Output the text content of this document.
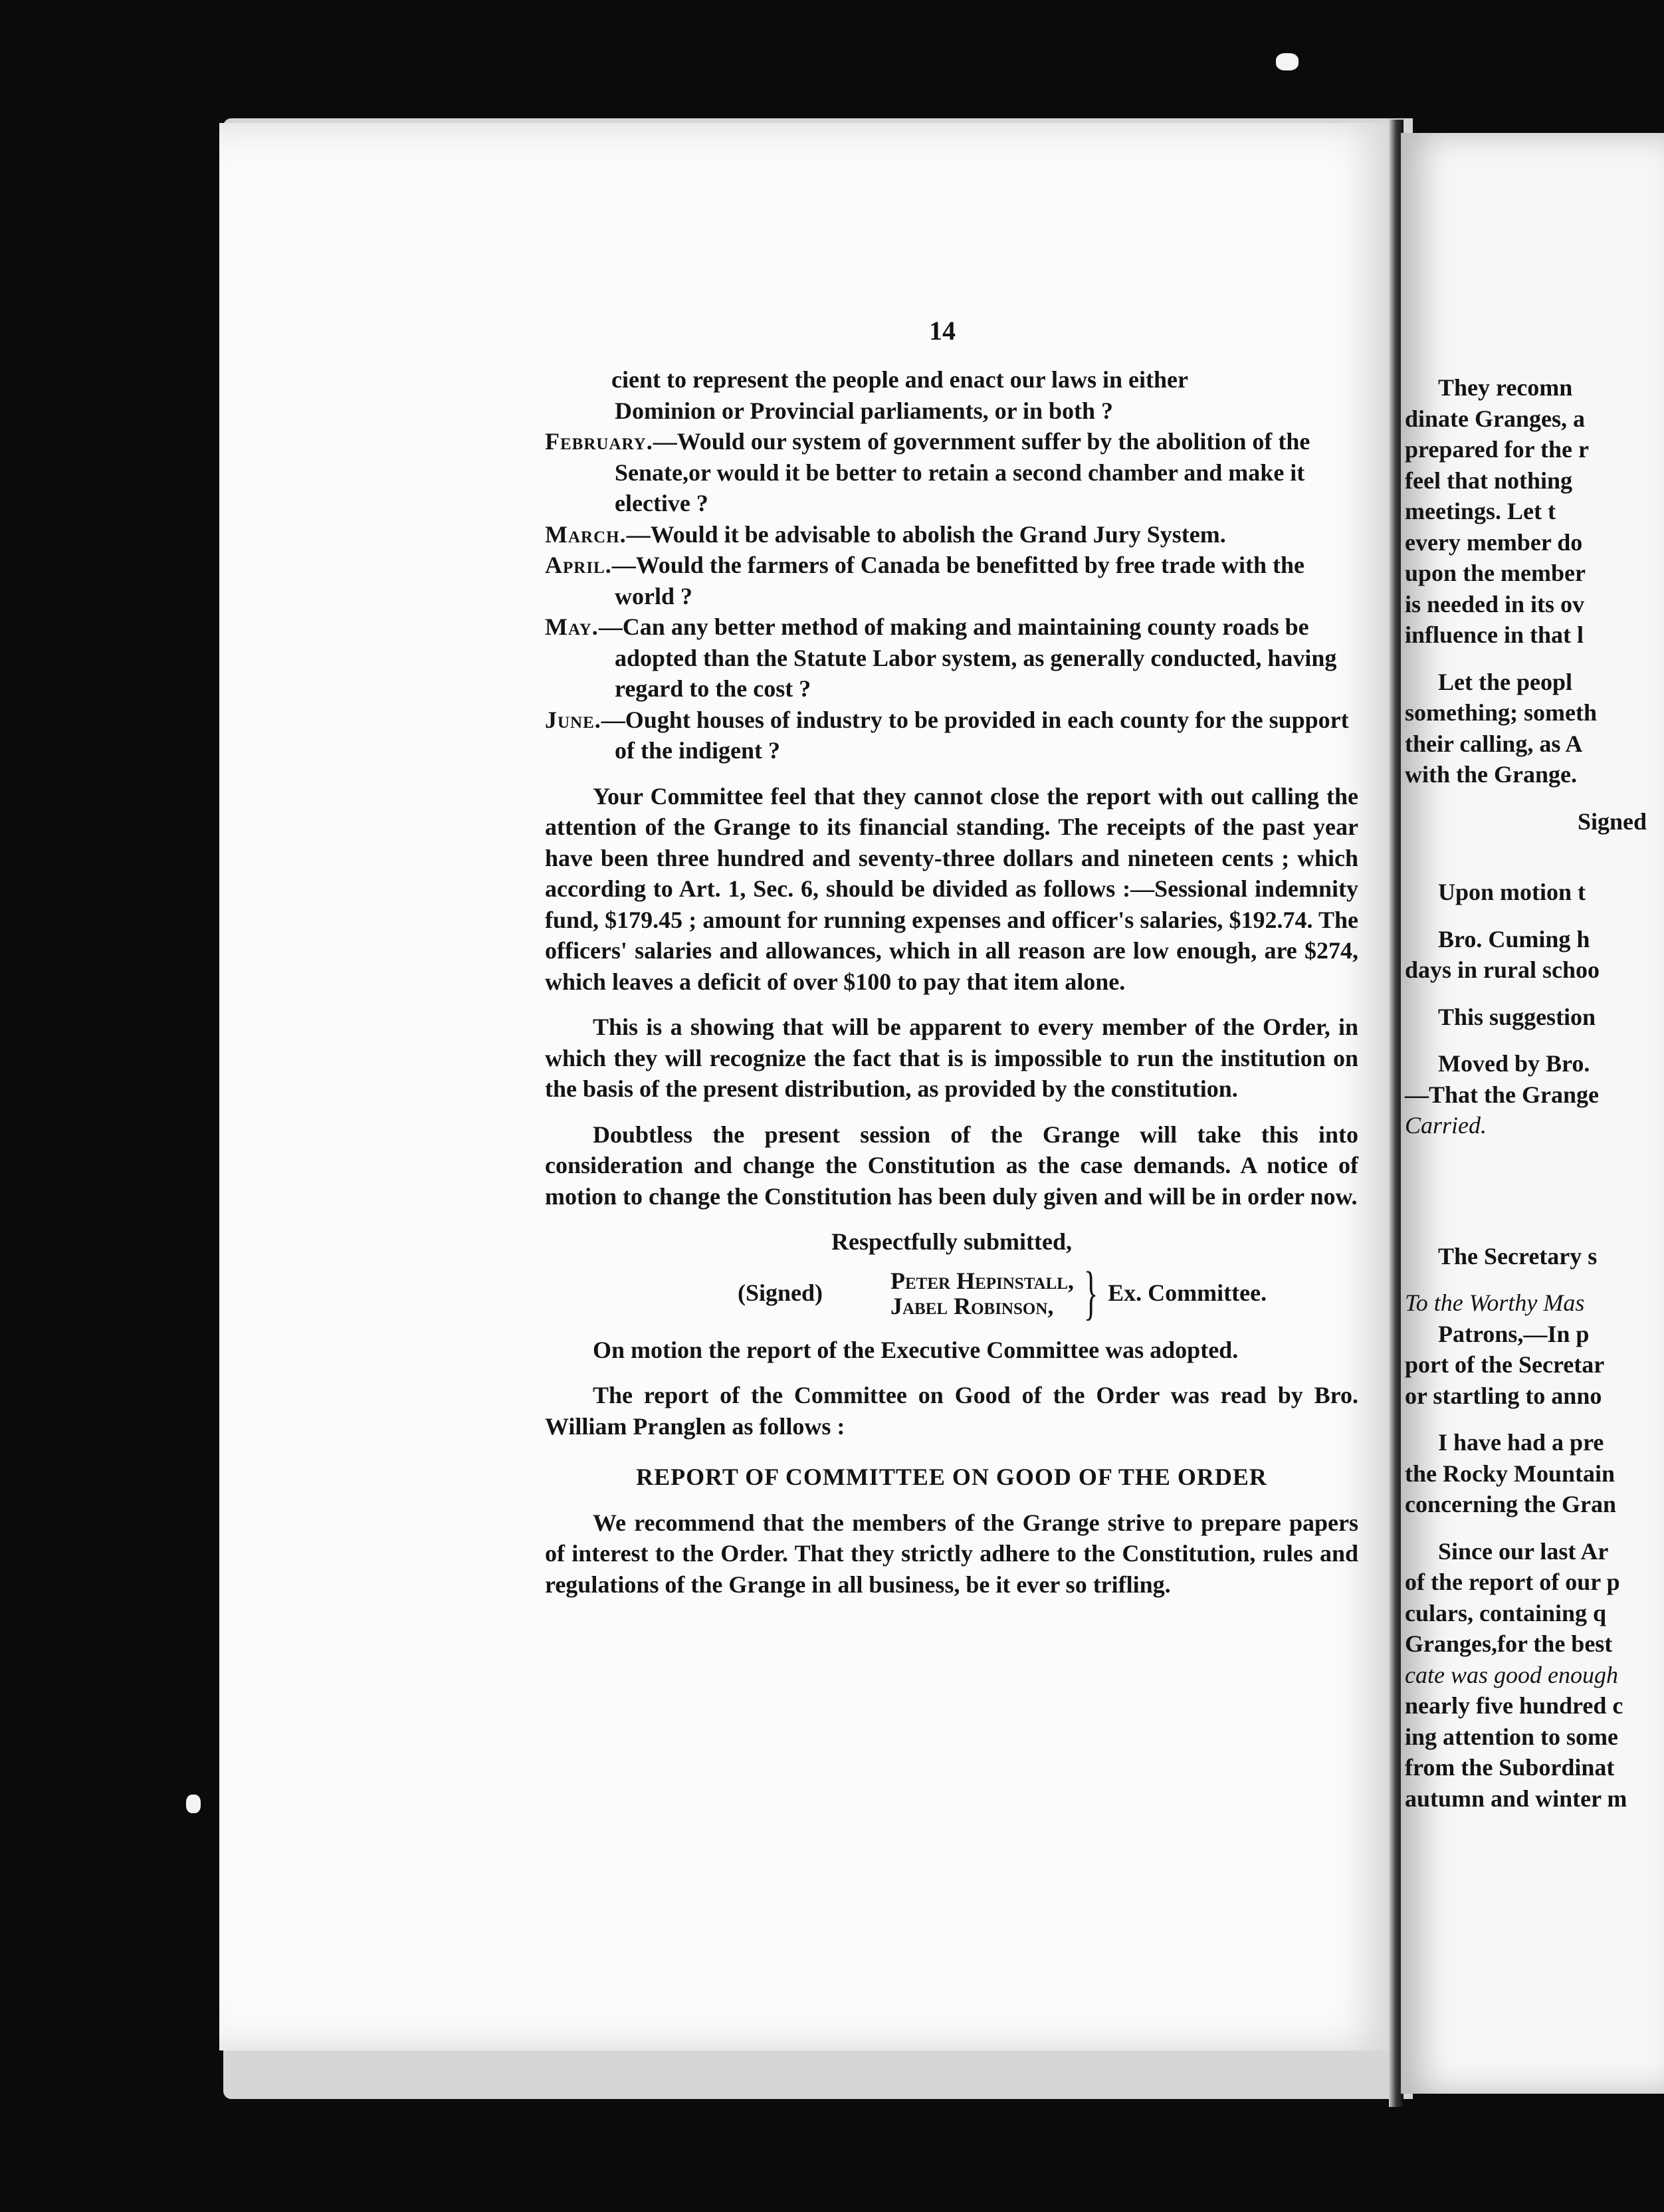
14

cient to represent the people and enact our laws in either

Dominion or Provincial parliaments, or in both ?

February.—Would our system of government suffer by the abolition of the Senate,or would it be better to retain a second chamber and make it elective ?

March.—Would it be advisable to abolish the Grand Jury System.

April.—Would the farmers of Canada be benefitted by free trade with the world ?

May.—Can any better method of making and maintaining county roads be adopted than the Statute Labor system, as generally conducted, having regard to the cost ?

June.—Ought houses of industry to be provided in each county for the support of the indigent ?

Your Committee feel that they cannot close the report with out calling the attention of the Grange to its financial standing. The receipts of the past year have been three hundred and seventy-three dollars and nineteen cents ; which according to Art. 1, Sec. 6, should be divided as follows :—Sessional indemnity fund, $179.45 ; amount for running expenses and officer's salaries, $192.74. The officers' salaries and allowances, which in all reason are low enough, are $274, which leaves a deficit of over $100 to pay that item alone.

This is a showing that will be apparent to every member of the Order, in which they will recognize the fact that is is impossible to run the institution on the basis of the present distribution, as provided by the constitution.

Doubtless the present session of the Grange will take this into consideration and change the Constitution as the case demands. A notice of motion to change the Constitution has been duly given and will be in order now.

Respectfully submitted,

(Signed)	Peter Hepinstall,
Jabel Robinson, } Ex. Committee.

On motion the report of the Executive Committee was adopted.

The report of the Committee on Good of the Order was read by Bro. William Pranglen as follows :

REPORT OF COMMITTEE ON GOOD OF THE ORDER

We recommend that the members of the Grange strive to prepare papers of interest to the Order. That they strictly adhere to the Constitution, rules and regulations of the Grange in all business, be it ever so trifling.

They recomn

dinate Granges, a

prepared for the r

feel that nothing

meetings. Let t

every member do

upon the member

is needed in its ov

influence in that l

Let the peopl

something; someth

their calling, as A

with the Grange.

Signed

Upon motion t

Bro. Cuming h

days in rural schoo

This suggestion

Moved by Bro.

—That the Grange

Carried.

The Secretary s

To the Worthy Mas

Patrons,—In p

port of the Secretar

or startling to anno

I have had a pre

the Rocky Mountain

concerning the Gran

Since our last Ar

of the report of our p

culars, containing q

Granges,for the best

cate was good enough

nearly five hundred c

ing attention to some

from the Subordinat

autumn and winter m
